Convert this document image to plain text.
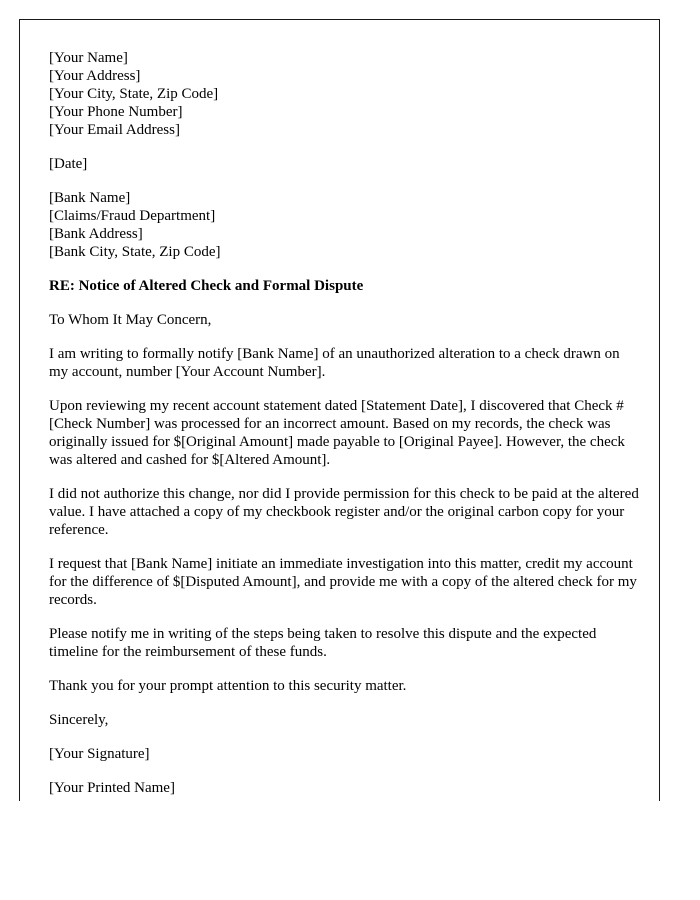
[Your Name]
[Your Address]
[Your City, State, Zip Code]
[Your Phone Number]
[Your Email Address]
[Date]
[Bank Name]
[Claims/Fraud Department]
[Bank Address]
[Bank City, State, Zip Code]
RE: Notice of Altered Check and Formal Dispute
To Whom It May Concern,
I am writing to formally notify [Bank Name] of an unauthorized alteration to a check drawn on my account, number [Your Account Number].
Upon reviewing my recent account statement dated [Statement Date], I discovered that Check #[Check Number] was processed for an incorrect amount. Based on my records, the check was originally issued for $[Original Amount] made payable to [Original Payee]. However, the check was altered and cashed for $[Altered Amount].
I did not authorize this change, nor did I provide permission for this check to be paid at the altered value. I have attached a copy of my checkbook register and/or the original carbon copy for your reference.
I request that [Bank Name] initiate an immediate investigation into this matter, credit my account for the difference of $[Disputed Amount], and provide me with a copy of the altered check for my records.
Please notify me in writing of the steps being taken to resolve this dispute and the expected timeline for the reimbursement of these funds.
Thank you for your prompt attention to this security matter.
Sincerely,
[Your Signature]
[Your Printed Name]
